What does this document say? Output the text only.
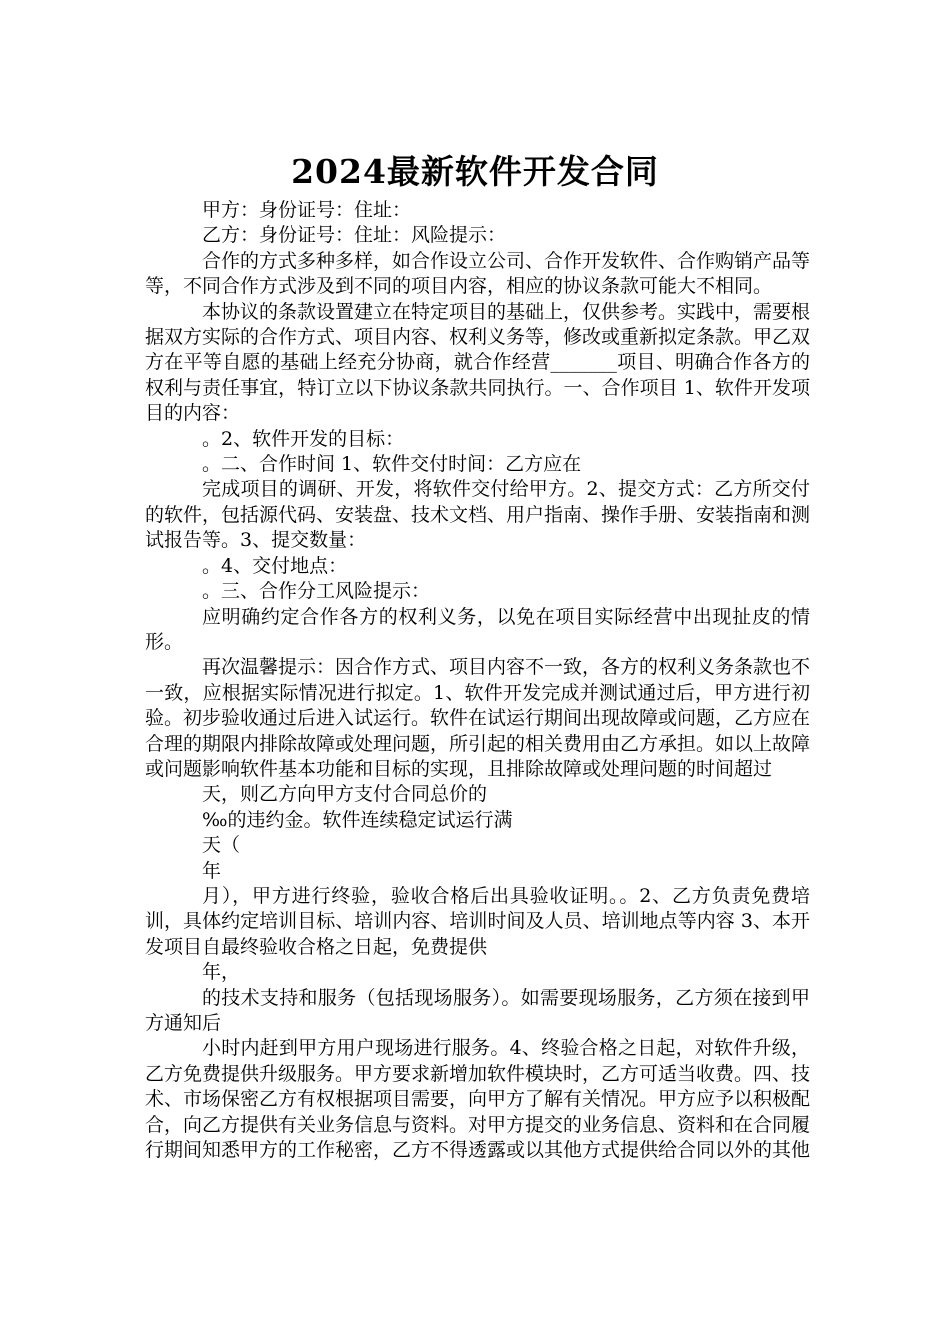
2024最新软件开发合同

甲方：身份证号：住址：

乙方：身份证号：住址：风险提示：

合作的方式多种多样，如合作设立公司、合作开发软件、合作购销产品等等，不同合作方式涉及到不同的项目内容，相应的协议条款可能大不相同。

本协议的条款设置建立在特定项目的基础上，仅供参考。实践中，需要根据双方实际的合作方式、项目内容、权利义务等，修改或重新拟定条款。甲乙双方在平等自愿的基础上经充分协商，就合作经营_______项目、明确合作各方的权利与责任事宜，特订立以下协议条款共同执行。一、合作项目 1、软件开发项目的内容：

。2、软件开发的目标：

。二、合作时间 1、软件交付时间：乙方应在

完成项目的调研、开发，将软件交付给甲方。2、提交方式：乙方所交付的软件，包括源代码、安装盘、技术文档、用户指南、操作手册、安装指南和测试报告等。3、提交数量：

。4、交付地点：

。三、合作分工风险提示：

应明确约定合作各方的权利义务，以免在项目实际经营中出现扯皮的情形。

再次温馨提示：因合作方式、项目内容不一致，各方的权利义务条款也不一致，应根据实际情况进行拟定。1、软件开发完成并测试通过后，甲方进行初验。初步验收通过后进入试运行。软件在试运行期间出现故障或问题，乙方应在合理的期限内排除故障或处理问题，所引起的相关费用由乙方承担。如以上故障或问题影响软件基本功能和目标的实现，且排除故障或处理问题的时间超过

天，则乙方向甲方支付合同总价的

‰的违约金。软件连续稳定试运行满

天（

年

月），甲方进行终验，验收合格后出具验收证明。。2、乙方负责免费培训，具体约定培训目标、培训内容、培训时间及人员、培训地点等内容 3、本开发项目自最终验收合格之日起，免费提供

年，

的技术支持和服务（包括现场服务）。如需要现场服务，乙方须在接到甲方通知后

小时内赶到甲方用户现场进行服务。4、终验合格之日起，对软件升级，乙方免费提供升级服务。甲方要求新增加软件模块时，乙方可适当收费。四、技术、市场保密乙方有权根据项目需要，向甲方了解有关情况。甲方应予以积极配合，向乙方提供有关业务信息与资料。对甲方提交的业务信息、资料和在合同履行期间知悉甲方的工作秘密，乙方不得透露或以其他方式提供给合同以外的其他
